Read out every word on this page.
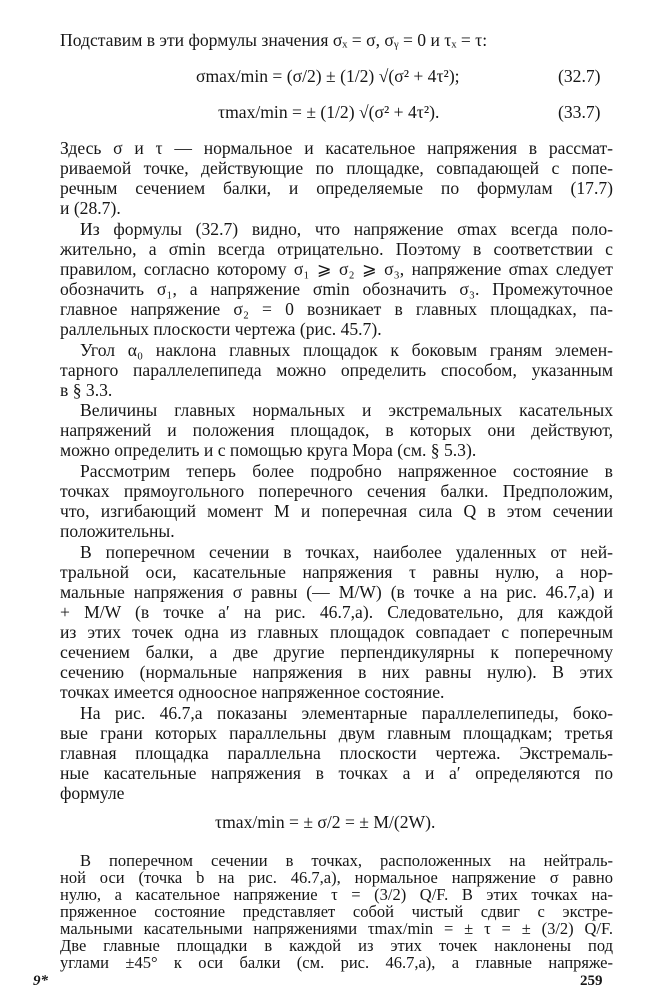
Подставим в эти формулы значения σₓ = σ, σᵧ = 0 и τₓ = τ:
σmax/min = (σ/2) ± (1/2) √(σ² + 4τ²);	(32.7)
τmax/min = ± (1/2) √(σ² + 4τ²).	(33.7)
Здесь σ и τ — нормальное и касательное напряжения в рассмат-
риваемой точке, действующие по площадке, совпадающей с попе-
речным сечением балки, и определяемые по формулам (17.7)
и (28.7).
Из формулы (32.7) видно, что напряжение σmax всегда поло-
жительно, а σmin всегда отрицательно. Поэтому в соответствии с
правилом, согласно которому σ₁ ⩾ σ₂ ⩾ σ₃, напряжение σmax следует
обозначить σ₁, а напряжение σmin обозначить σ₃. Промежуточное
главное напряжение σ₂ = 0 возникает в главных площадках, па-
раллельных плоскости чертежа (рис. 45.7).
Угол α₀ наклона главных площадок к боковым граням элемен-
тарного параллелепипеда можно определить способом, указанным
в § 3.3.
Величины главных нормальных и экстремальных касательных
напряжений и положения площадок, в которых они действуют,
можно определить и с помощью круга Мора (см. § 5.3).
Рассмотрим теперь более подробно напряженное состояние в
точках прямоугольного поперечного сечения балки. Предположим,
что, изгибающий момент M и поперечная сила Q в этом сечении
положительны.
В поперечном сечении в точках, наиболее удаленных от ней-
тральной оси, касательные напряжения τ равны нулю, а нор-
мальные напряжения σ равны (— M/W) (в точке a на рис. 46.7,a) и
+ M/W (в точке a′ на рис. 46.7,a). Следовательно, для каждой
из этих точек одна из главных площадок совпадает с поперечным
сечением балки, а две другие перпендикулярны к поперечному
сечению (нормальные напряжения в них равны нулю). В этих
точках имеется одноосное напряженное состояние.
На рис. 46.7,a показаны элементарные параллелепипеды, боко-
вые грани которых параллельны двум главным площадкам; третья
главная площадка параллельна плоскости чертежа. Экстремаль-
ные касательные напряжения в точках a и a′ определяются по
формуле
τmax/min = ± σ/2 = ± M/(2W).
В поперечном сечении в точках, расположенных на нейтраль-
ной оси (точка b на рис. 46.7,a), нормальное напряжение σ равно
нулю, а касательное напряжение τ = (3/2) Q/F. В этих точках на-
пряженное состояние представляет собой чистый сдвиг с экстре-
мальными касательными напряжениями τmax/min = ± τ = ± (3/2) Q/F.
Две главные площадки в каждой из этих точек наклонены под
углами ±45° к оси балки (см. рис. 46.7,a), а главные напряже-
9*	259
